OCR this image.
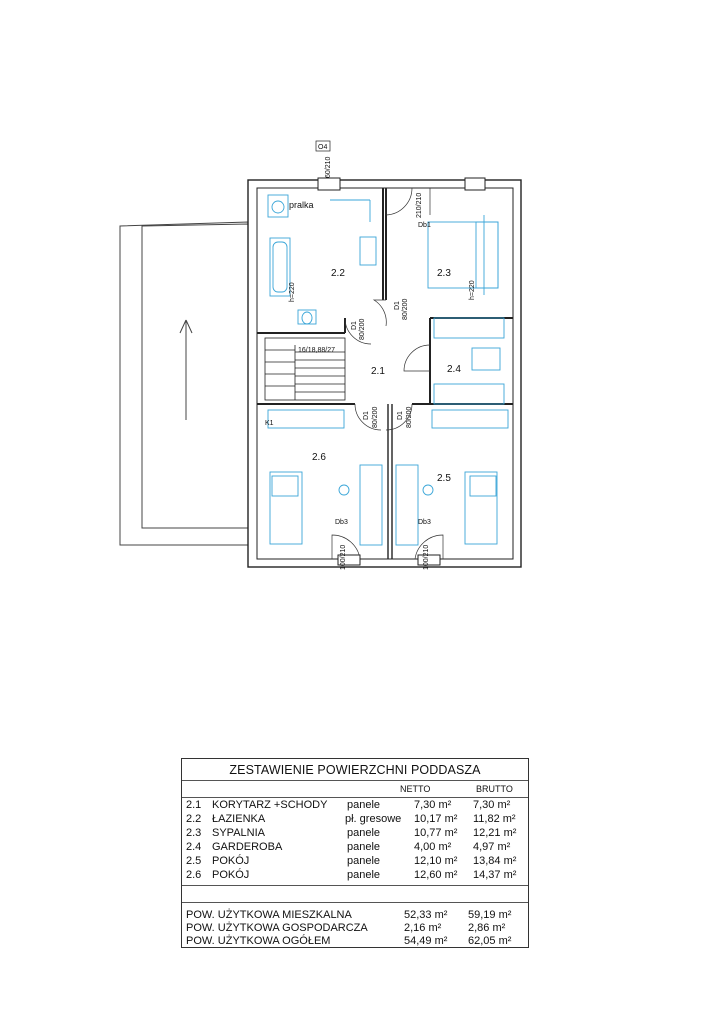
2.2	2.3
2.1	2.4
2.6
2.5
O4
60/210
210/210
Db1
pralka
h=220	h=220
D1 80/200
D1 80/200
16/18,88/27
K1
D1 80/200	D1 80/200
Db3	Db3
100/210	100/210
ZESTAWIENIE POWIERZCHNI PODDASZA
NETTO	BRUTTO
2.1 KORYTARZ +SCHODY panele	7,30 m² 7,30 m²
2.2 ŁAZIENKA	pł. gresowe 10,17 m² 11,82 m²
2.3 SYPALNIA	panele	10,77 m² 12,21 m²
2.4 GARDEROBA	panele	4,00 m² 4,97 m²
2.5 POKÓJ	panele	12,10 m² 13,84 m²
2.6 POKÓJ	panele	12,60 m² 14,37 m²
POW. UŻYTKOWA MIESZKALNA	52,33 m² 59,19 m²
POW. UŻYTKOWA GOSPODARCZA	2,16 m² 2,86 m²
POW. UŻYTKOWA OGÓŁEM	54,49 m² 62,05 m²
